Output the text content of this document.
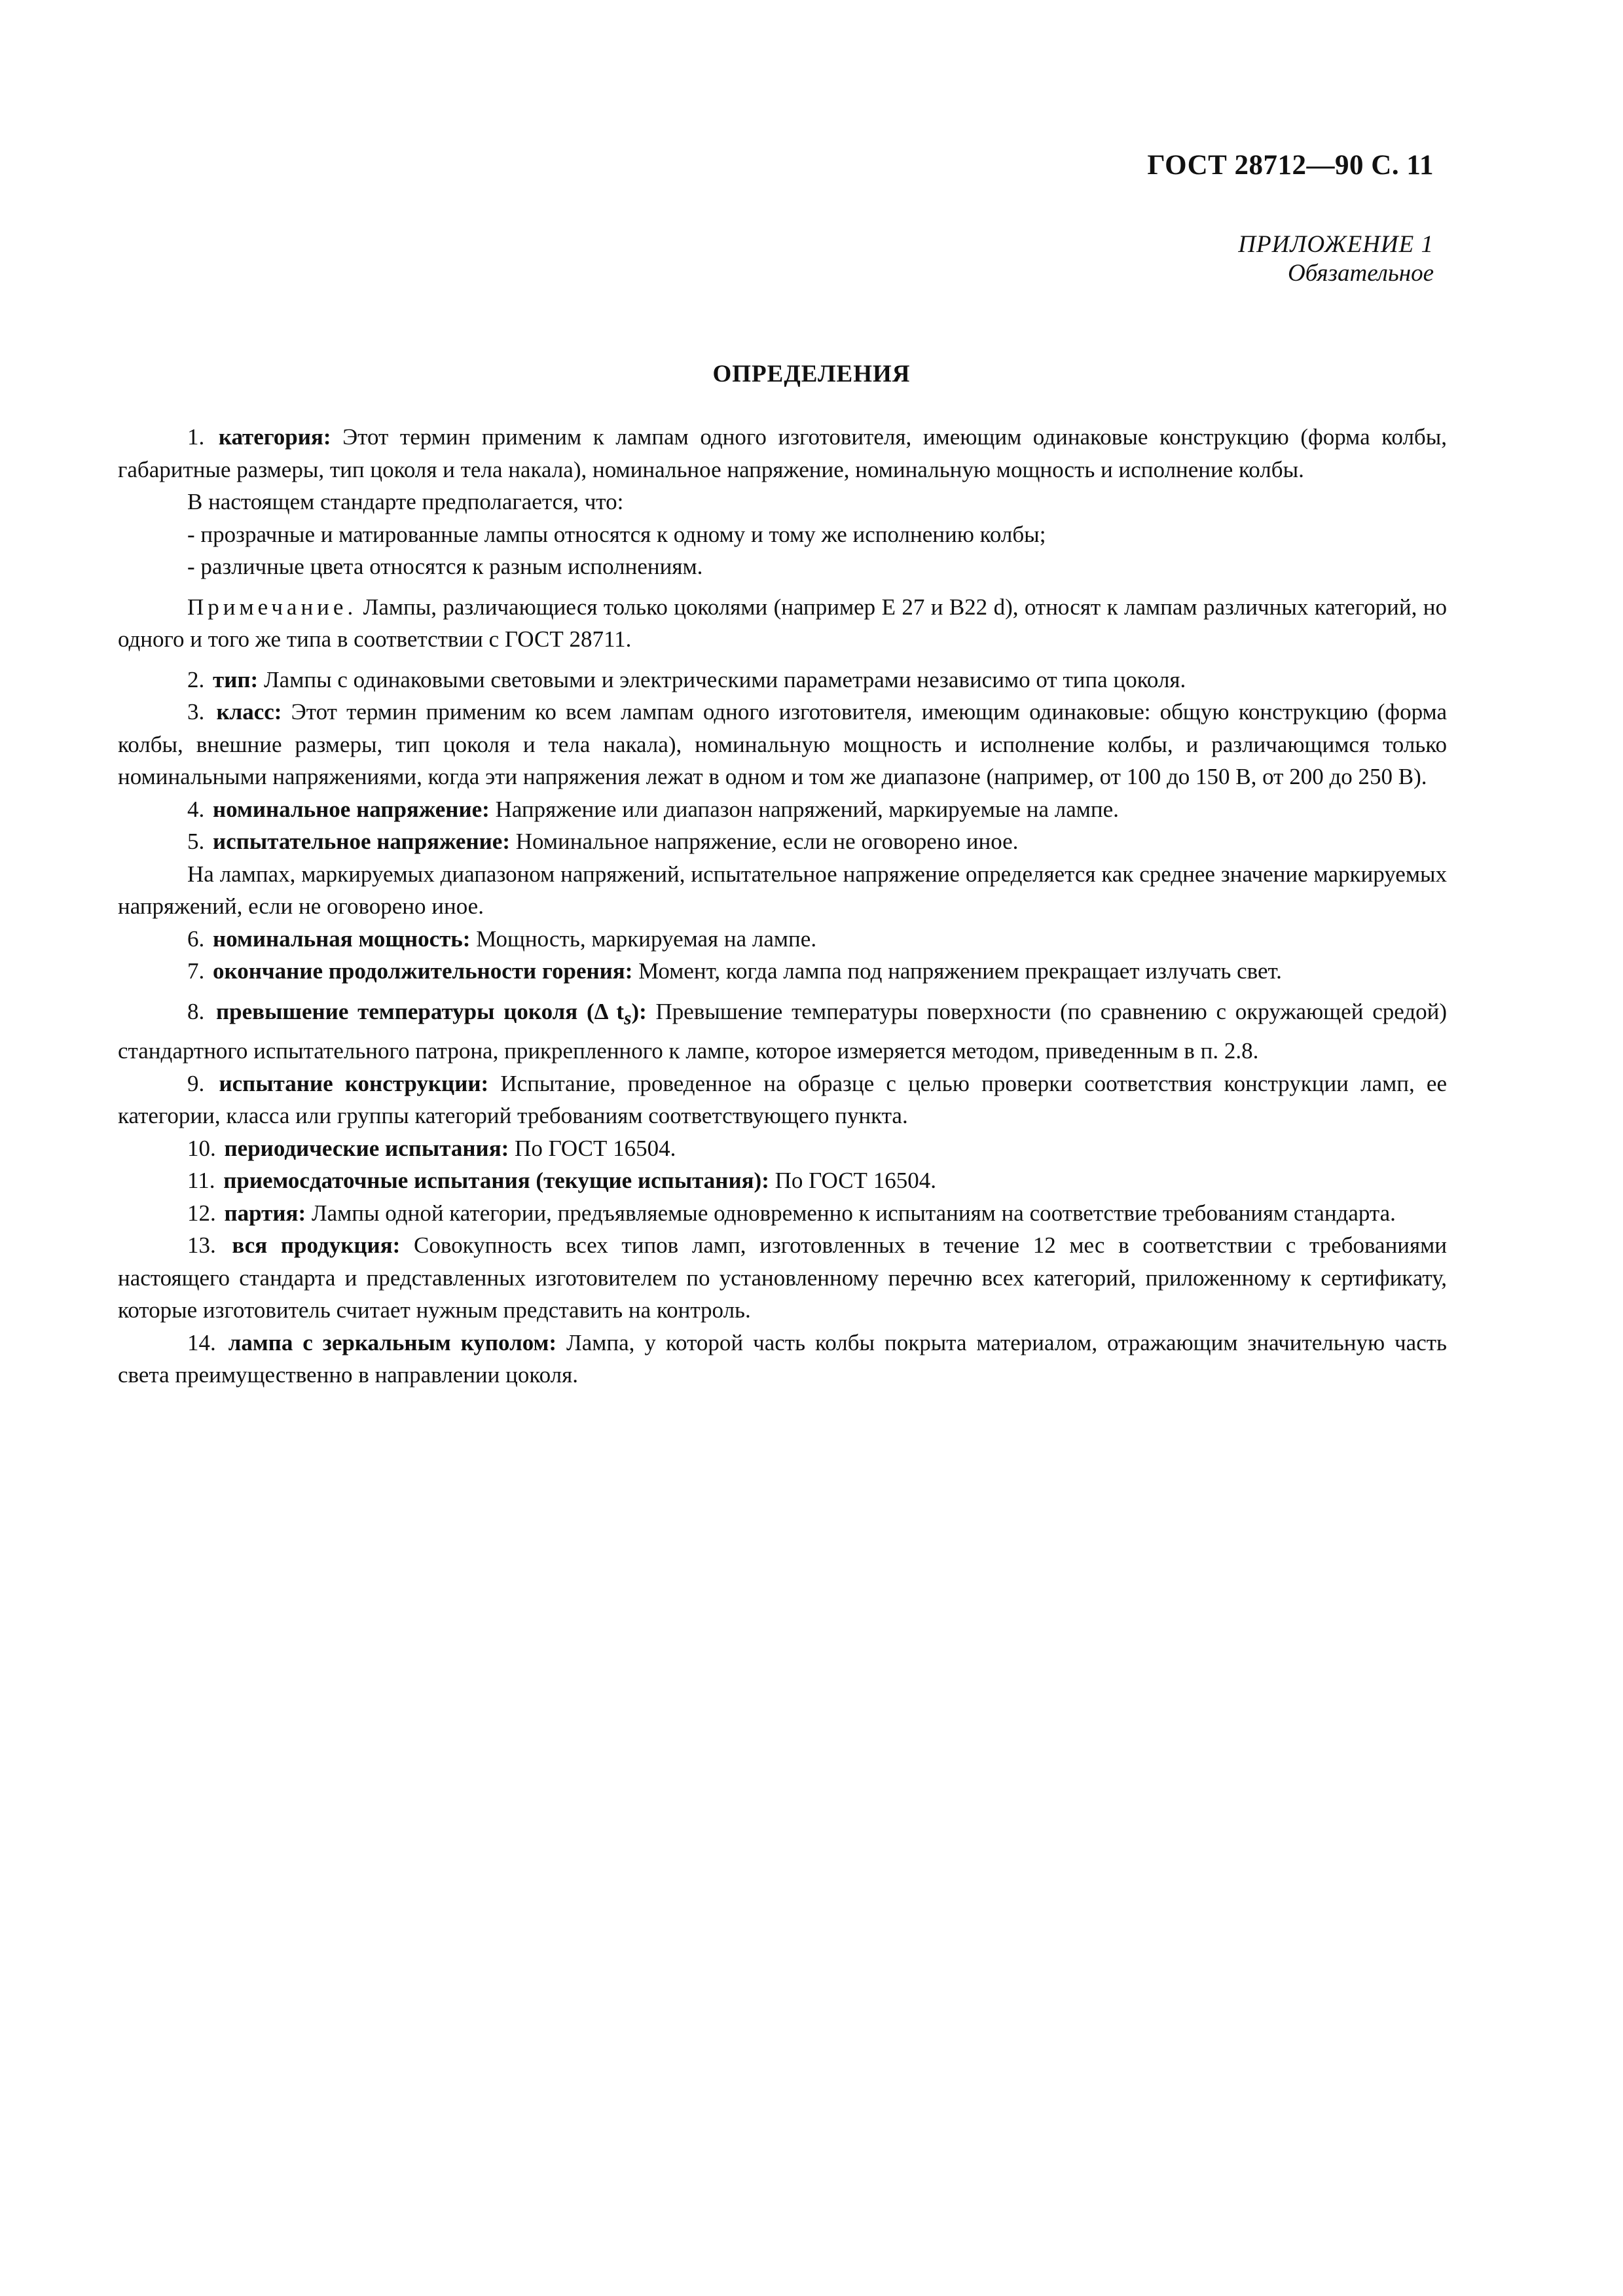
ГОСТ 28712—90 С. 11
ПРИЛОЖЕНИЕ 1
Обязательное
ОПРЕДЕЛЕНИЯ

1. категория: Этот термин применим к лампам одного изготовителя, имеющим одинаковые конструкцию (форма колбы, габаритные размеры, тип цоколя и тела накала), номинальное напряжение, номинальную мощность и исполнение колбы.

В настоящем стандарте предполагается, что:

- прозрачные и матированные лампы относятся к одному и тому же исполнению колбы;

- различные цвета относятся к разным исполнениям.

Примечание. Лампы, различающиеся только цоколями (например Е 27 и В22 d), относят к лампам различных категорий, но одного и того же типа в соответствии с ГОСТ 28711.

2. тип: Лампы с одинаковыми световыми и электрическими параметрами независимо от типа цоколя.

3. класс: Этот термин применим ко всем лампам одного изготовителя, имеющим одинаковые: общую конструкцию (форма колбы, внешние размеры, тип цоколя и тела накала), номинальную мощность и исполнение колбы, и различающимся только номинальными напряжениями, когда эти напряжения лежат в одном и том же диапазоне (например, от 100 до 150 В, от 200 до 250 В).

4. номинальное напряжение: Напряжение или диапазон напряжений, маркируемые на лампе.

5. испытательное напряжение: Номинальное напряжение, если не оговорено иное.

На лампах, маркируемых диапазоном напряжений, испытательное напряжение определяется как среднее значение маркируемых напряжений, если не оговорено иное.

6. номинальная мощность: Мощность, маркируемая на лампе.

7. окончание продолжительности горения: Момент, когда лампа под напряжением прекращает излучать свет.

8. превышение температуры цоколя (Δ $t_s$): Превышение температуры поверхности (по сравнению с окружающей средой) стандартного испытательного патрона, прикрепленного к лампе, которое измеряется методом, приведенным в п. 2.8.

9. испытание конструкции: Испытание, проведенное на образце с целью проверки соответствия конструкции ламп, ее категории, класса или группы категорий требованиям соответствующего пункта.

10. периодические испытания: По ГОСТ 16504.

11. приемосдаточные испытания (текущие испытания): По ГОСТ 16504.

12. партия: Лампы одной категории, предъявляемые одновременно к испытаниям на соответствие требованиям стандарта.

13. вся продукция: Совокупность всех типов ламп, изготовленных в течение 12 мес в соответствии с требованиями настоящего стандарта и представленных изготовителем по установленному перечню всех категорий, приложенному к сертификату, которые изготовитель считает нужным представить на контроль.

14. лампа с зеркальным куполом: Лампа, у которой часть колбы покрыта материалом, отражающим значительную часть света преимущественно в направлении цоколя.
